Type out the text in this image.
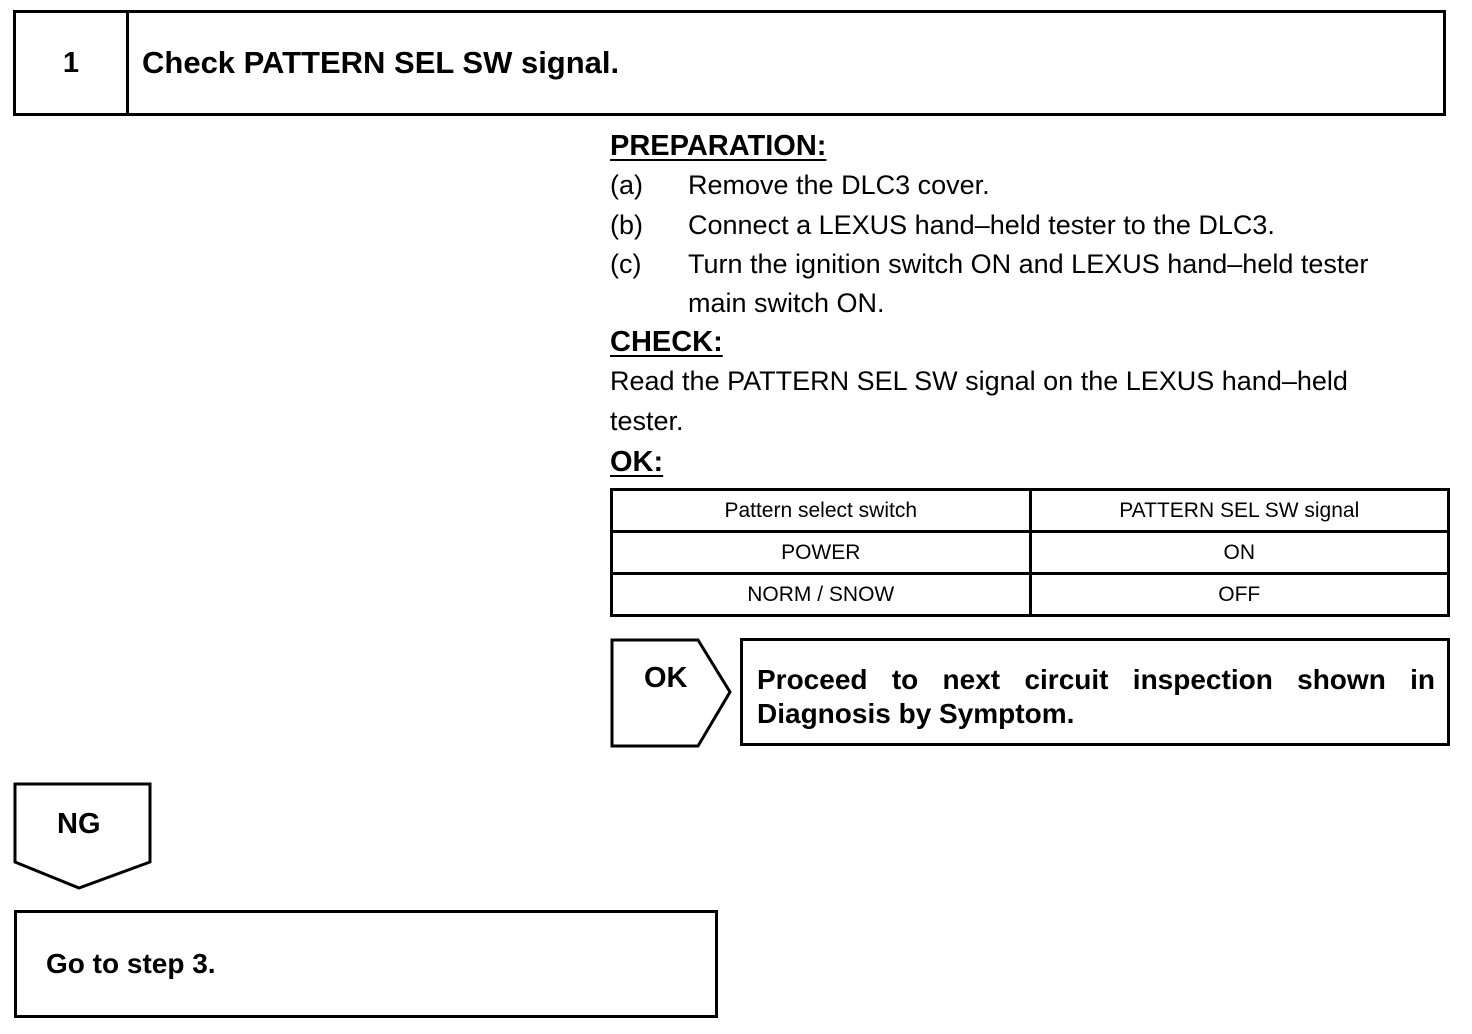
1	Check PATTERN SEL SW signal.
PREPARATION:
(a) Remove the DLC3 cover.
(b) Connect a LEXUS hand–held tester to the DLC3.
(c) Turn the ignition switch ON and LEXUS hand–held tester
main switch ON.
CHECK:
Read the PATTERN SEL SW signal on the LEXUS hand–held
tester.
OK:
Pattern select switch	PATTERN SEL SW signal
POWER	ON
NORM / SNOW	OFF
OK	Proceed to next circuit inspection shown in Diagnosis by Symptom.
NG
Go to step 3.
